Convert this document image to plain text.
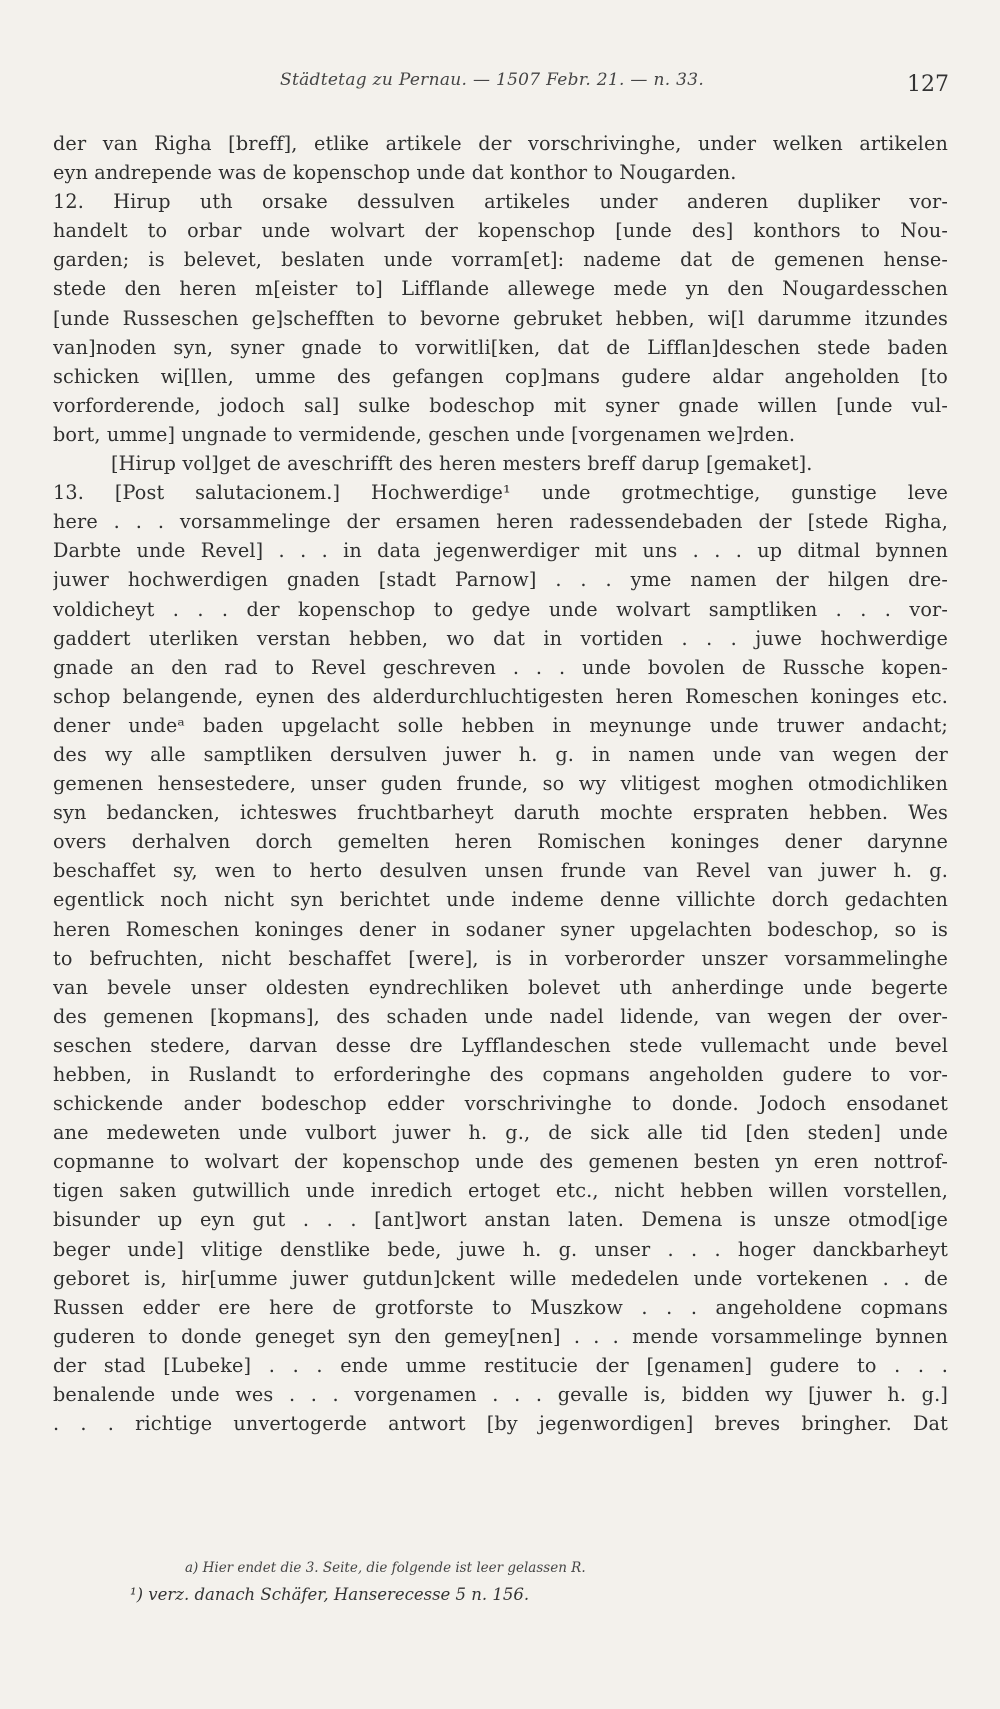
Städtetag zu Pernau. — 1507 Febr. 21. — n. 33.	127
der van Righa [breff], etlike artikele der vorschrivinghe, under welken artikelen
eyn andrepende was de kopenschop unde dat konthor to Nougarden.
12. Hirup uth orsake dessulven artikeles under anderen dupliker vor-
handelt to orbar unde wolvart der kopenschop [unde des] konthors to Nou-
garden; is belevet, beslaten unde vorram[et]: nademe dat de gemenen hense-
stede den heren m[eister to] Lifflande allewege mede yn den Nougardesschen
[unde Russeschen ge]schefften to bevorne gebruket hebben, wi[l darumme itzundes
van]noden syn, syner gnade to vorwitli[ken, dat de Lifflan]deschen stede baden
schicken wi[llen, umme des gefangen cop]mans gudere aldar angeholden [to
vorforderende, jodoch sal] sulke bodeschop mit syner gnade willen [unde vul-
bort, umme] ungnade to vermidende, geschen unde [vorgenamen we]rden.
[Hirup vol]get de aveschrifft des heren mesters breff darup [gemaket].
13. [Post salutacionem.] Hochwerdige¹ unde grotmechtige, gunstige leve
here . . . vorsammelinge der ersamen heren radessendebaden der [stede Righa,
Darbte unde Revel] . . . in data jegenwerdiger mit uns . . . up ditmal bynnen
juwer hochwerdigen gnaden [stadt Parnow] . . . yme namen der hilgen dre-
voldicheyt . . . der kopenschop to gedye unde wolvart samptliken . . . vor-
gaddert uterliken verstan hebben, wo dat in vortiden . . . juwe hochwerdige
gnade an den rad to Revel geschreven . . . unde bovolen de Russche kopen-
schop belangende, eynen des alderdurchluchtigesten heren Romeschen koninges etc.
dener undeᵃ baden upgelacht solle hebben in meynunge unde truwer andacht;
des wy alle samptliken dersulven juwer h. g. in namen unde van wegen der
gemenen hensestedere, unser guden frunde, so wy vlitigest moghen otmodichliken
syn bedancken, ichteswes fruchtbarheyt daruth mochte erspraten hebben. Wes
overs derhalven dorch gemelten heren Romischen koninges dener darynne
beschaffet sy, wen to herto desulven unsen frunde van Revel van juwer h. g.
egentlick noch nicht syn berichtet unde indeme denne villichte dorch gedachten
heren Romeschen koninges dener in sodaner syner upgelachten bodeschop, so is
to befruchten, nicht beschaffet [were], is in vorberorder unszer vorsammelinghe
van bevele unser oldesten eyndrechliken bolevet uth anherdinge unde begerte
des gemenen [kopmans], des schaden unde nadel lidende, van wegen der over-
seschen stedere, darvan desse dre Lyfflandeschen stede vullemacht unde bevel
hebben, in Ruslandt to erforderinghe des copmans angeholden gudere to vor-
schickende ander bodeschop edder vorschrivinghe to donde. Jodoch ensodanet
ane medeweten unde vulbort juwer h. g., de sick alle tid [den steden] unde
copmanne to wolvart der kopenschop unde des gemenen besten yn eren nottrof-
tigen saken gutwillich unde inredich ertoget etc., nicht hebben willen vorstellen,
bisunder up eyn gut . . . [ant]wort anstan laten. Demena is unsze otmod[ige
beger unde] vlitige denstlike bede, juwe h. g. unser . . . hoger danckbarheyt
geboret is, hir[umme juwer gutdun]ckent wille mededelen unde vortekenen . . de
Russen edder ere here de grotforste to Muszkow . . . angeholdene copmans
guderen to donde geneget syn den gemey[nen] . . . mende vorsammelinge bynnen
der stad [Lubeke] . . . ende umme restitucie der [genamen] gudere to . . .
benalende unde wes . . . vorgenamen . . . gevalle is, bidden wy [juwer h. g.]
. . . richtige unvertogerde antwort [by jegenwordigen] breves bringher. Dat
a) Hier endet die 3. Seite, die folgende ist leer gelassen R.
¹) verz. danach Schäfer, Hanserecesse 5 n. 156.
